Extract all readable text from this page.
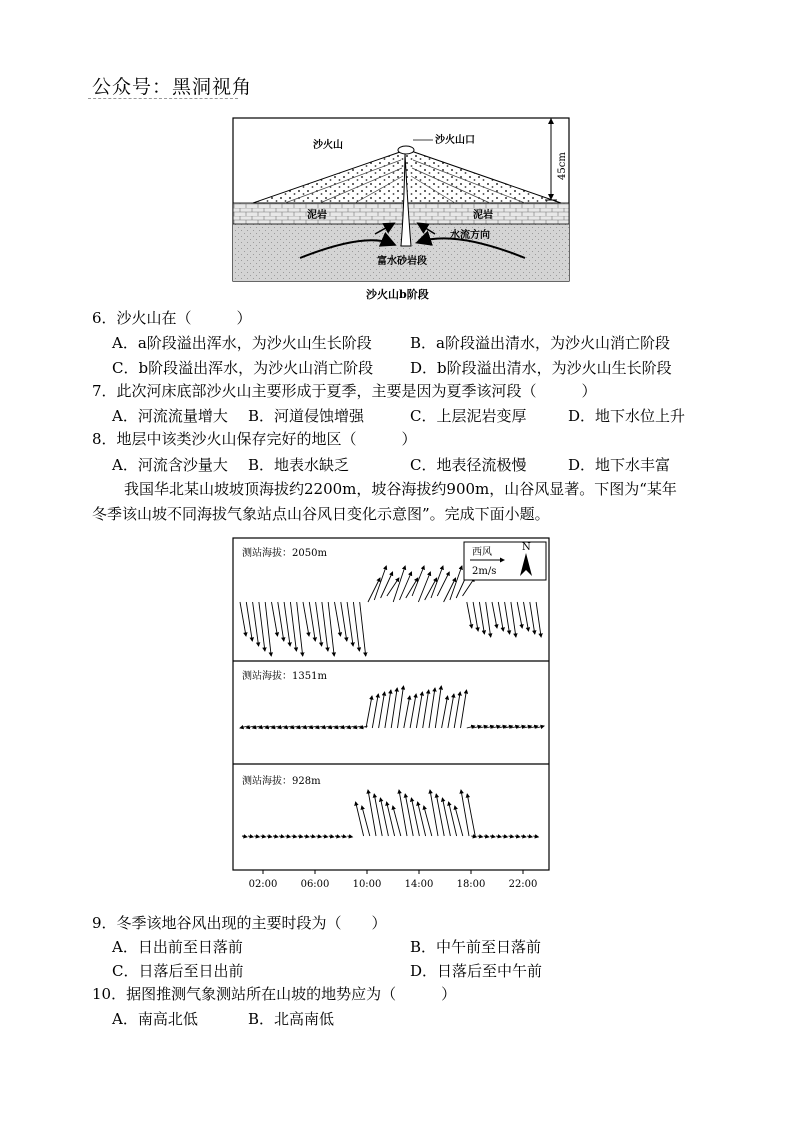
公众号：黑洞视角
沙火山	沙火山口
45cm
泥岩	泥岩
水流方向
富水砂岩段
沙火山b阶段
6．沙火山在（　　　）
A．a阶段溢出浑水，为沙火山生长阶段	B．a阶段溢出清水，为沙火山消亡阶段
C．b阶段溢出浑水，为沙火山消亡阶段 D．b阶段溢出清水，为沙火山生长阶段
7．此次河床底部沙火山主要形成于夏季，主要是因为夏季该河段（　　　）
A．河流流量增大 B．河道侵蚀增强	C．上层泥岩变厚	D．地下水位上升
8．地层中该类沙火山保存完好的地区（　　　）
A．河流含沙量大 B．地表水缺乏	C．地表径流极慢	D．地下水丰富
我国华北某山坡坡顶海拔约2200m，坡谷海拔约900m，山谷风显著。下图为“某年
冬季该山坡不同海拔气象站点山谷风日变化示意图”。完成下面小题。
测站海拔：2050m
测站海拔：1351m
测站海拔：928m
西风
2m/s
N
02:00 06:00 10:00 14:00 18:00 22:00
9．冬季该地谷风出现的主要时段为（　　）
A．日出前至日落前	B．中午前至日落前
C．日落后至日出前	D．日落后至中午前
10．据图推测气象测站所在山坡的地势应为（　　　）
A．南高北低	B．北高南低
